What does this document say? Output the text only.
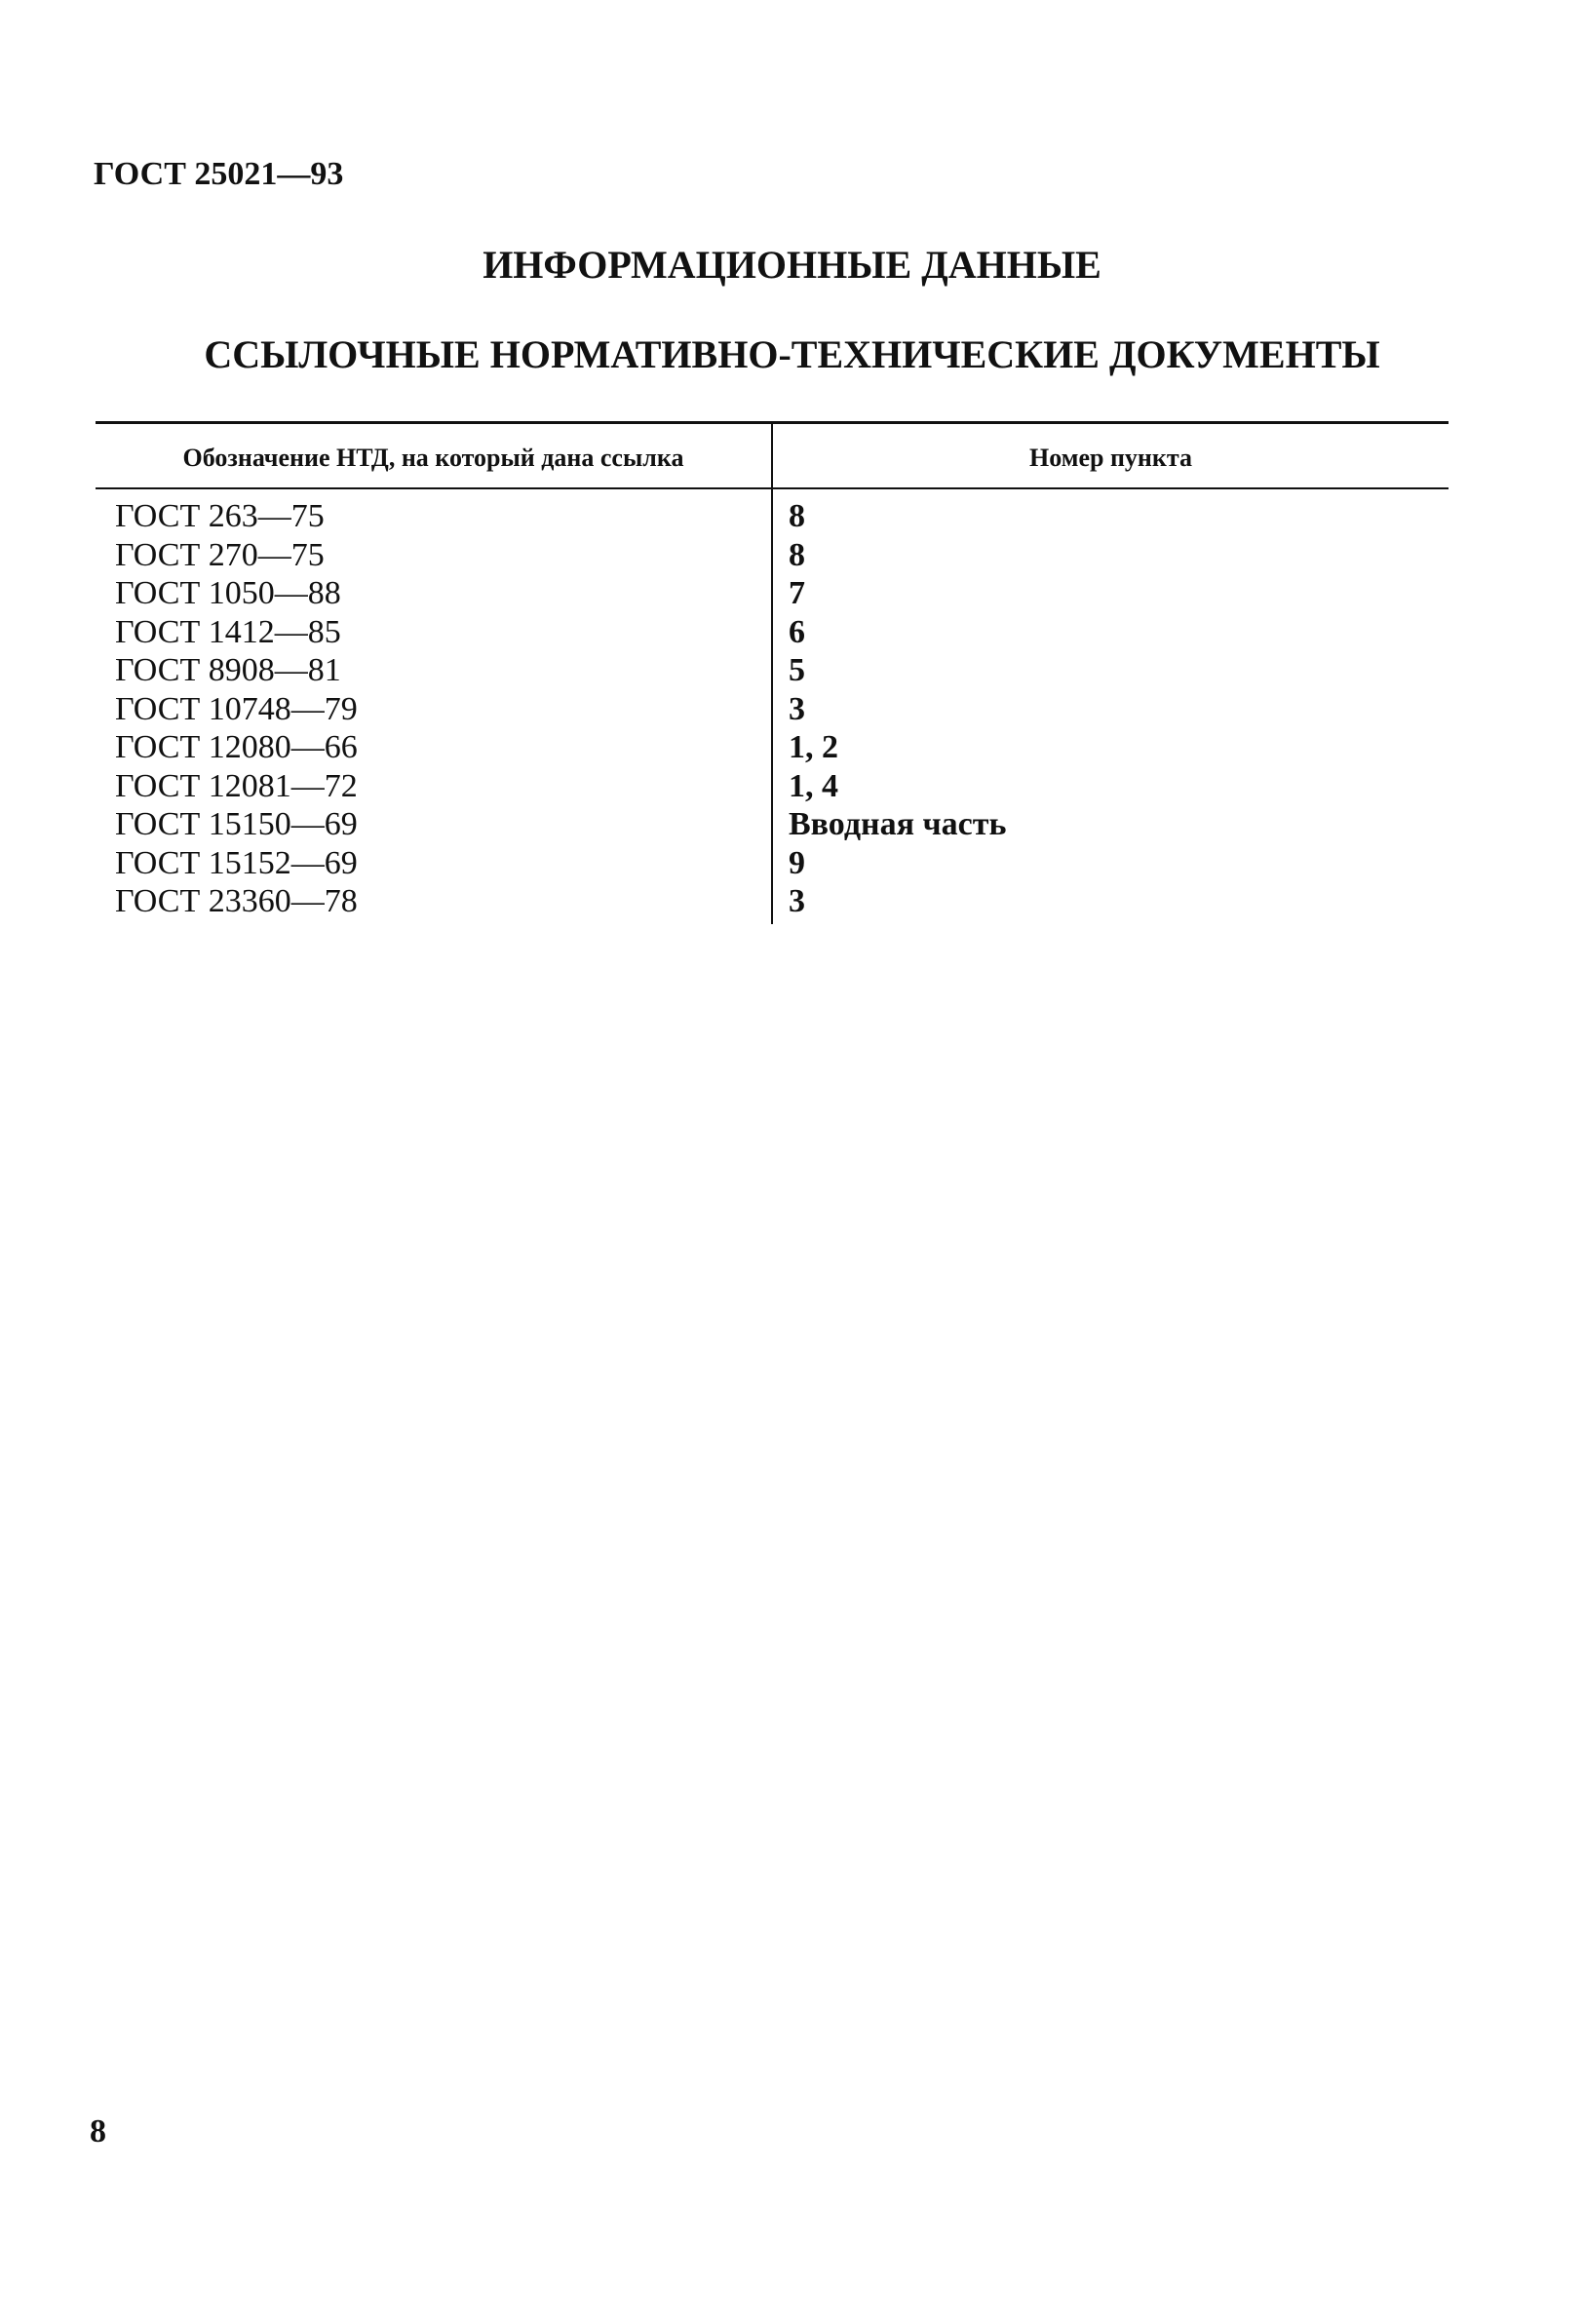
ГОСТ 25021—93
ИНФОРМАЦИОННЫЕ ДАННЫЕ
ССЫЛОЧНЫЕ НОРМАТИВНО-ТЕХНИЧЕСКИЕ ДОКУМЕНТЫ
Обозначение НТД, на который дана ссылка	Номер пункта
ГОСТ 263—75	8
ГОСТ 270—75	8
ГОСТ 1050—88	7
ГОСТ 1412—85	6
ГОСТ 8908—81	5
ГОСТ 10748—79	3
ГОСТ 12080—66	1, 2
ГОСТ 12081—72	1, 4
ГОСТ 15150—69	Вводная часть
ГОСТ 15152—69	9
ГОСТ 23360—78	3
8
